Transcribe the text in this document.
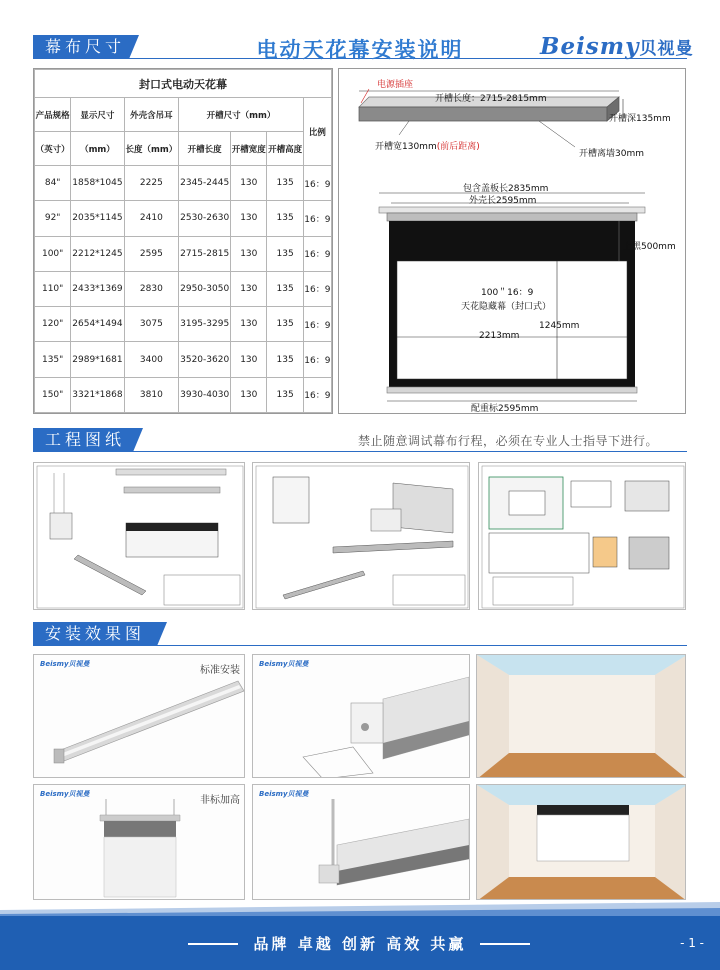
幕布尺寸	电动天花幕安装说明	Beismy贝视曼
封口式电动天花幕						
产品规格	显示尺寸	外壳含吊耳	开槽尺寸（mm）			比例
（英寸）	（mm）	长度（mm）	开槽长度	开槽宽度	开槽高度	
84"	1858*1045	2225	2345-2445	130	135	16：9
92"	2035*1145	2410	2530-2630	130	135	16：9
100"	2212*1245	2595	2715-2815	130	135	16：9
110"	2433*1369	2830	2950-3050	130	135	16：9
120"	2654*1494	3075	3195-3295	130	135	16：9
135"	2989*1681	3400	3520-3620	130	135	16：9
150"	3321*1868	3810	3930-4030	130	135	16：9
电源插座
开槽长度：2715-2815mm
开槽深135mm
开槽宽130mm(前后距离)
开槽离墙30mm
包含盖板长2835mm
外壳长2595mm
上黑500mm
100＂16：9
天花隐藏幕（封口式）
1245mm
2213mm
配重标2595mm
工程图纸	禁止随意调试幕布行程，必须在专业人士指导下进行。
安装效果图
Beismy贝视曼
标准安装
Beismy贝视曼
Beismy贝视曼
非标加高
Beismy贝视曼
品牌 卓越 创新 高效 共赢	- 1 -
